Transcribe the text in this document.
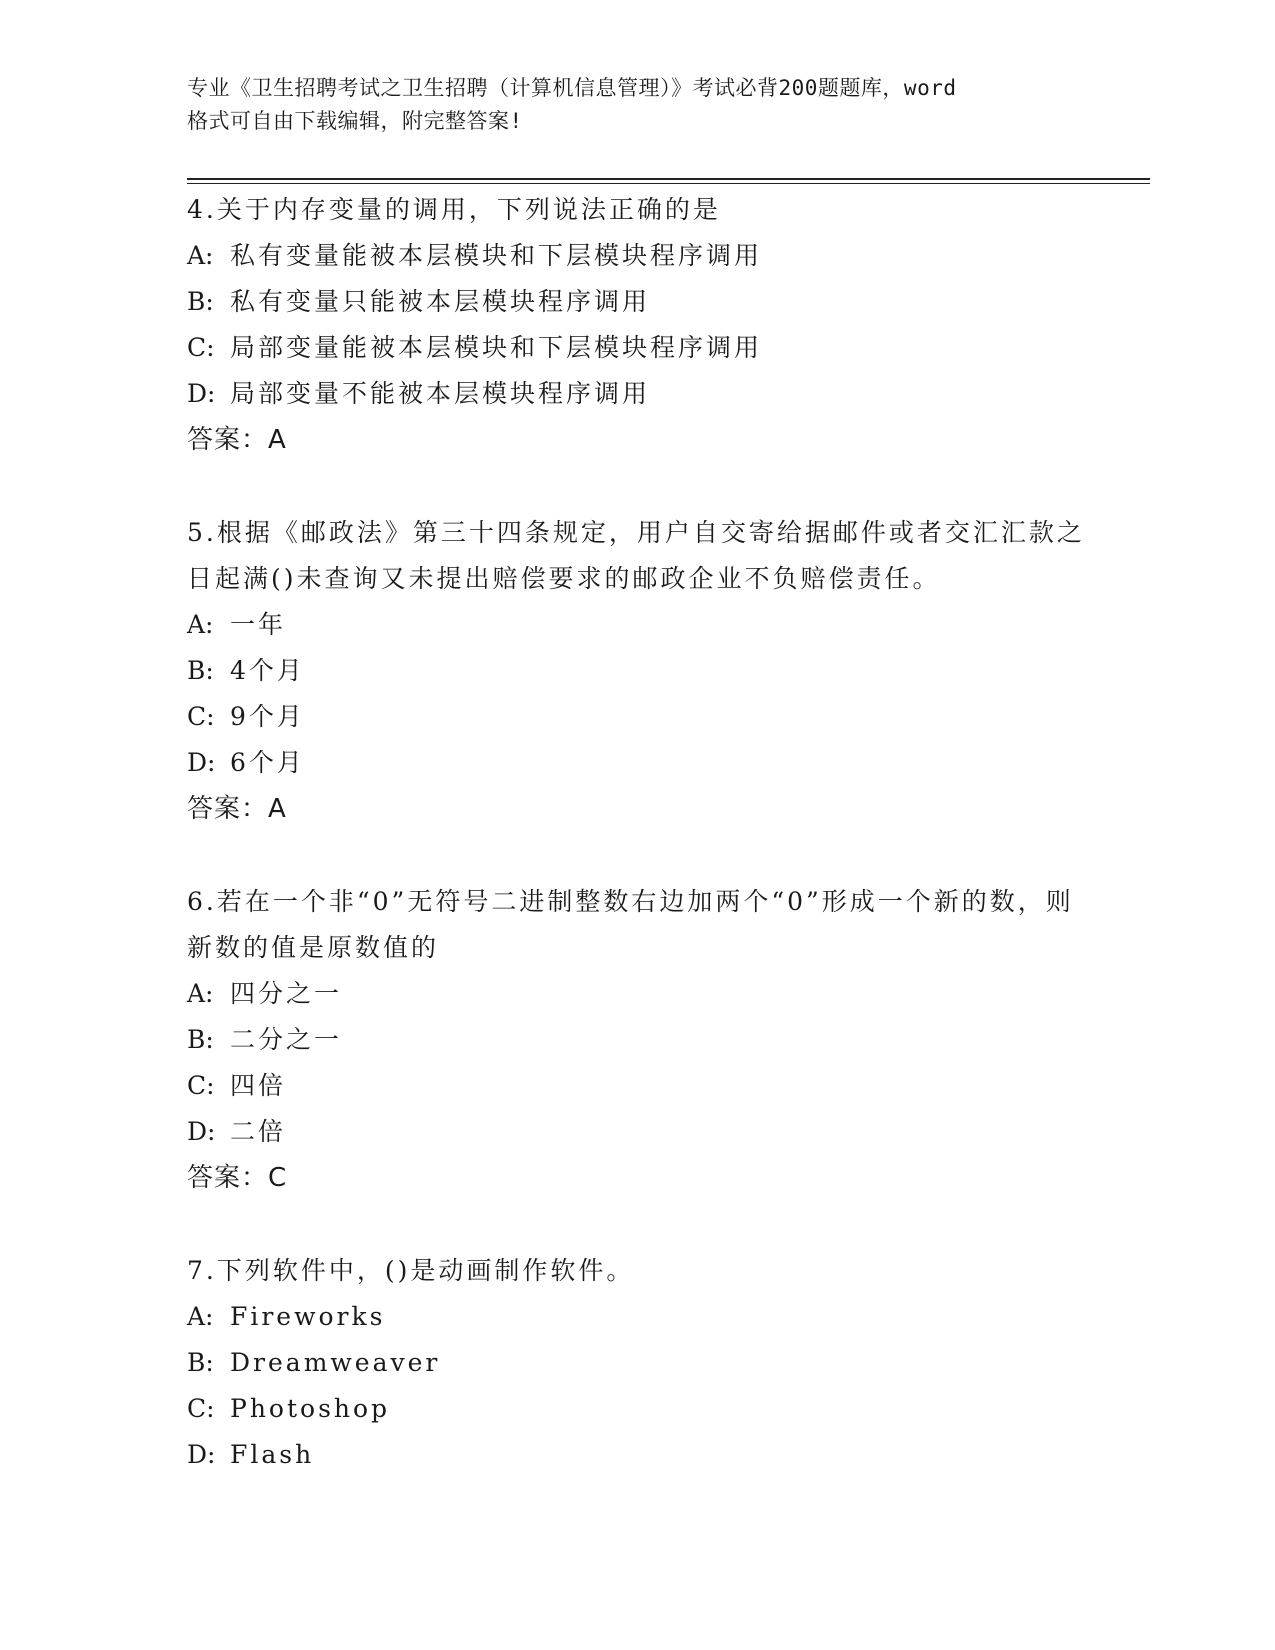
专业《卫生招聘考试之卫生招聘（计算机信息管理）》考试必背200题题库，word
格式可自由下载编辑，附完整答案!
4.关于内存变量的调用，下列说法正确的是
A: 私有变量能被本层模块和下层模块程序调用
B: 私有变量只能被本层模块程序调用
C: 局部变量能被本层模块和下层模块程序调用
D: 局部变量不能被本层模块程序调用
答案：A
5.根据《邮政法》第三十四条规定，用户自交寄给据邮件或者交汇汇款之日起满()未查询又未提出赔偿要求的邮政企业不负赔偿责任。
A: 一年
B: 4个月
C: 9个月
D: 6个月
答案：A
6.若在一个非“0”无符号二进制整数右边加两个“0”形成一个新的数，则新数的值是原数值的
A: 四分之一
B: 二分之一
C: 四倍
D: 二倍
答案：C
7.下列软件中，()是动画制作软件。
A: Fireworks
B: Dreamweaver
C: Photoshop
D: Flash
